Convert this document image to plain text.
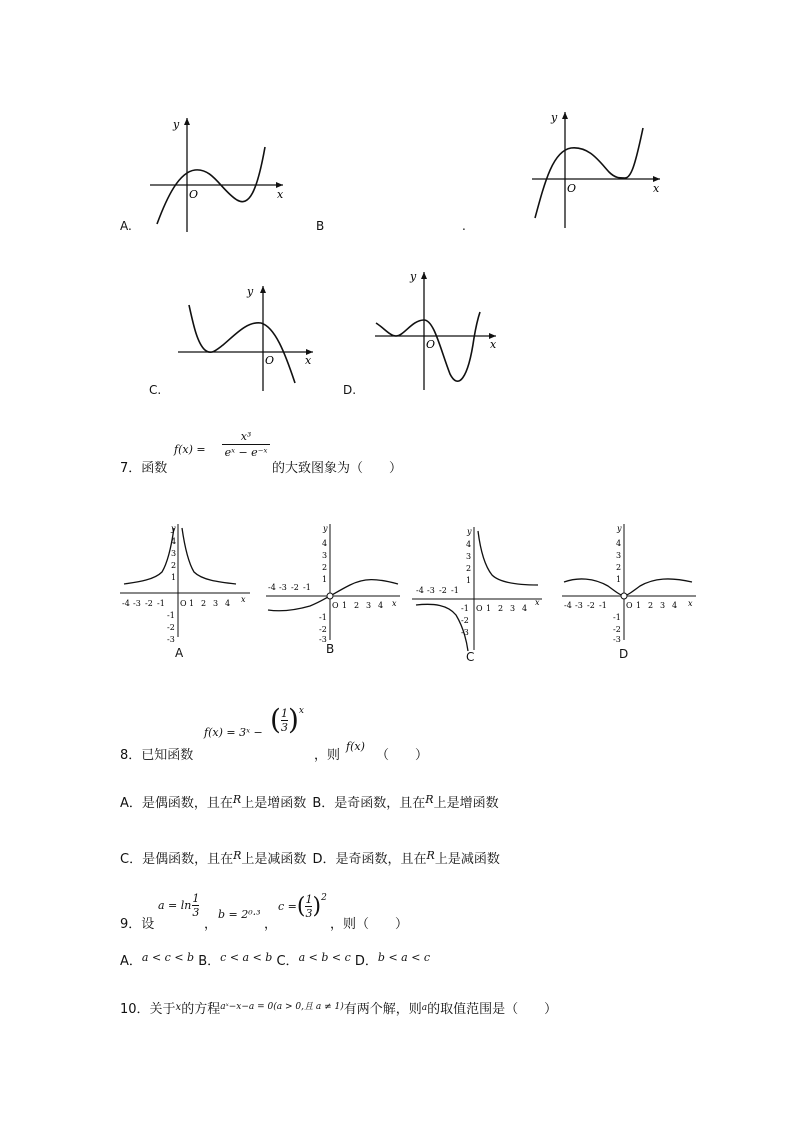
y
x
O
A.	B	.
y
x
O
y
x
O
C.	D.
y
x
O
7．函数
f(x) =
x³
eˣ − e⁻ˣ
的大致图象为（　　）
-4 -3 -2 -1 O 1 2 3 4 x
y
4
3
2
1
-1
-2
-3
A
-4 -3 -2 -1
O 1 2 3 4 x
y
4
3
2
1
-1
-2
-3
B
-4 -3 -2 -1
O 1 2 3 4
x
y
4
3
2
1
-1
-2
-3
C
-4 -3 -2 -1 O 1 2 3 4 x
y
4
3
2
1
-1
-2
-3
D
8．已知函数
f(x) = 3ˣ − ( $\frac{1}{3}$ ) x
，则
f(x)
（　　）
A．是偶函数，且在$^R$上是增函数 B．是奇函数，且在$^R$上是增函数
C．是偶函数，且在$^R$上是减函数 D．是奇函数，且在$^R$上是减函数
9．设
$a = \ln \frac{1}{3}$
，
b = 2⁰·³
，
c = ( $\frac{1}{3}$ ) 2
，则（　　）
A．$^{a < c < b}$ B．$^{c < a < b}$ C．$^{a < b < c}$ D．$^{b < a < c}$
10．关于$^x$的方程$^{aˣ-x-a = 0(a > 0,且 a \ne 1)}$有两个解，则$^a$的取值范围是（　　）
